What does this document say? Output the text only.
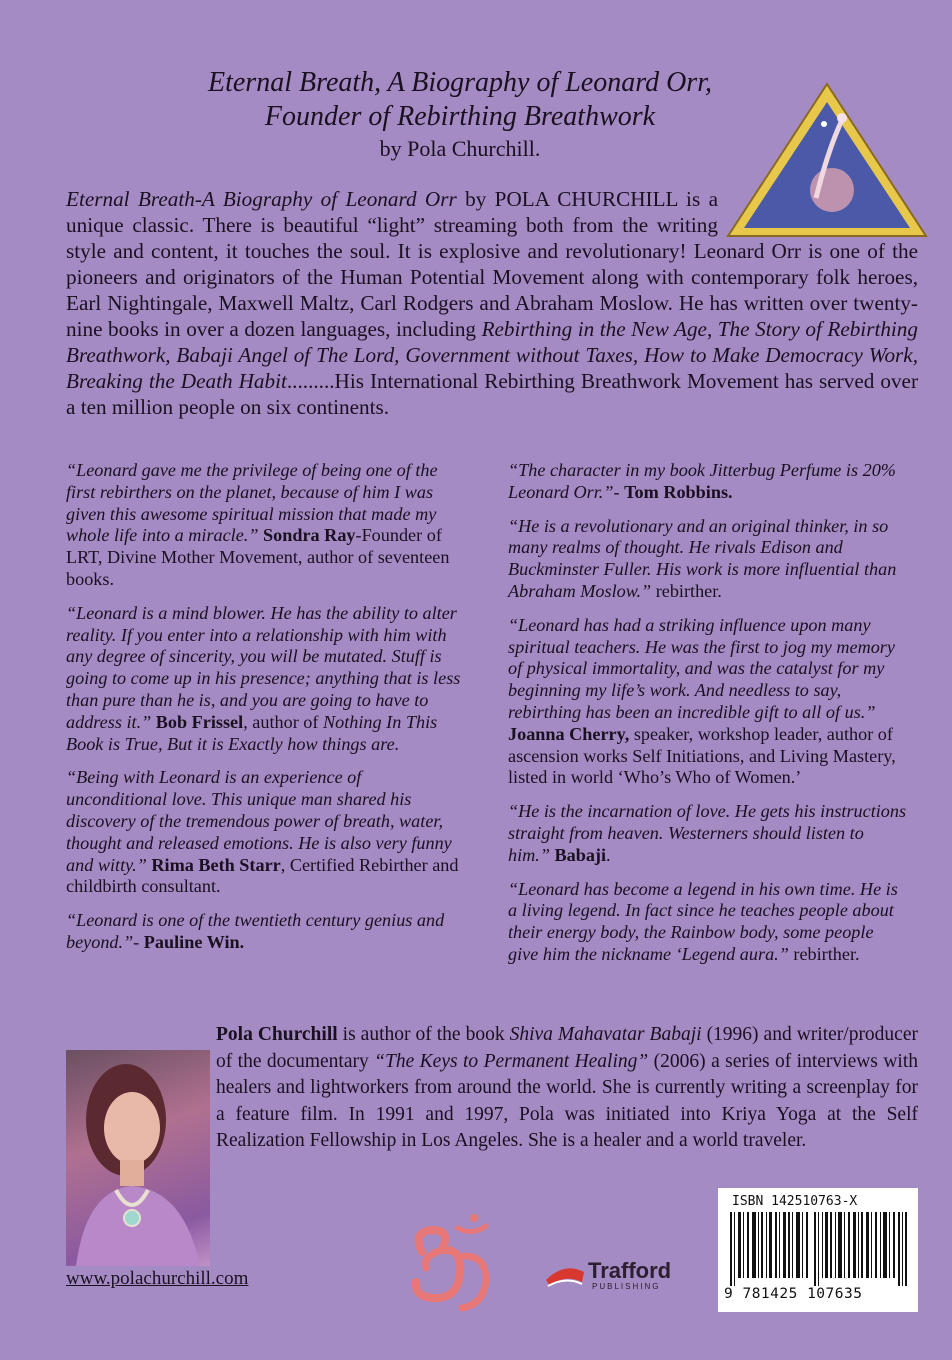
Eternal Breath, A Biography of Leonard Orr,
Founder of Rebirthing Breathwork
by Pola Churchill.
Eternal Breath-A Biography of Leonard Orr by POLA CHURCHILL is a unique classic. There is beautiful “light” streaming both from the writing style and content, it touches the soul. It is explosive and revolutionary! Leonard Orr is one of the pioneers and originators of the Human Potential Movement along with contemporary folk heroes, Earl Nightingale, Maxwell Maltz, Carl Rodgers and Abraham Moslow. He has written over twenty-nine books in over a dozen languages, including Rebirthing in the New Age, The Story of Rebirthing Breathwork, Babaji Angel of The Lord, Government without Taxes, How to Make Democracy Work, Breaking the Death Habit.........His International Rebirthing Breathwork Movement has served over a ten million people on six continents.

“Leonard gave me the privilege of being one of the first rebirthers on the planet, because of him I was given this awesome spiritual mission that made my whole life into a miracle.” Sondra Ray-Founder of LRT, Divine Mother Movement, author of seventeen books.

“Leonard is a mind blower. He has the ability to alter reality. If you enter into a relationship with him with any degree of sincerity, you will be mutated. Stuff is going to come up in his presence; anything that is less than pure than he is, and you are going to have to address it.” Bob Frissel, author of Nothing In This Book is True, But it is Exactly how things are.

“Being with Leonard is an experience of unconditional love. This unique man shared his discovery of the tremendous power of breath, water, thought and released emotions. He is also very funny and witty.” Rima Beth Starr, Certified Rebirther and childbirth consultant.

“Leonard is one of the twentieth century genius and beyond.”- Pauline Win.

“The character in my book Jitterbug Perfume is 20% Leonard Orr.”- Tom Robbins.

“He is a revolutionary and an original thinker, in so many realms of thought. He rivals Edison and Buckminster Fuller. His work is more influential than Abraham Moslow.” rebirther.

“Leonard has had a striking influence upon many spiritual teachers. He was the first to jog my memory of physical immortality, and was the catalyst for my beginning my life’s work. And needless to say, rebirthing has been an incredible gift to all of us.” Joanna Cherry, speaker, workshop leader, author of ascension works Self Initiations, and Living Mastery, listed in world ‘Who’s Who of Women.’

“He is the incarnation of love. He gets his instructions straight from heaven. Westerners should listen to him.” Babaji.

“Leonard has become a legend in his own time. He is a living legend. In fact since he teaches people about their energy body, the Rainbow body, some people give him the nickname ‘Legend aura.” rebirther.

Pola Churchill is author of the book Shiva Mahavatar Babaji (1996) and writer/producer of the documentary “The Keys to Permanent Healing” (2006) a series of interviews with healers and lightworkers from around the world. She is currently writing a screenplay for a feature film. In 1991 and 1997, Pola was initiated into Kriya Yoga at the Self Realization Fellowship in Los Angeles. She is a healer and a world traveler.
www.polachurchill.com	Trafford
PUBLISHING
ISBN 142510763-X
9 781425 107635
